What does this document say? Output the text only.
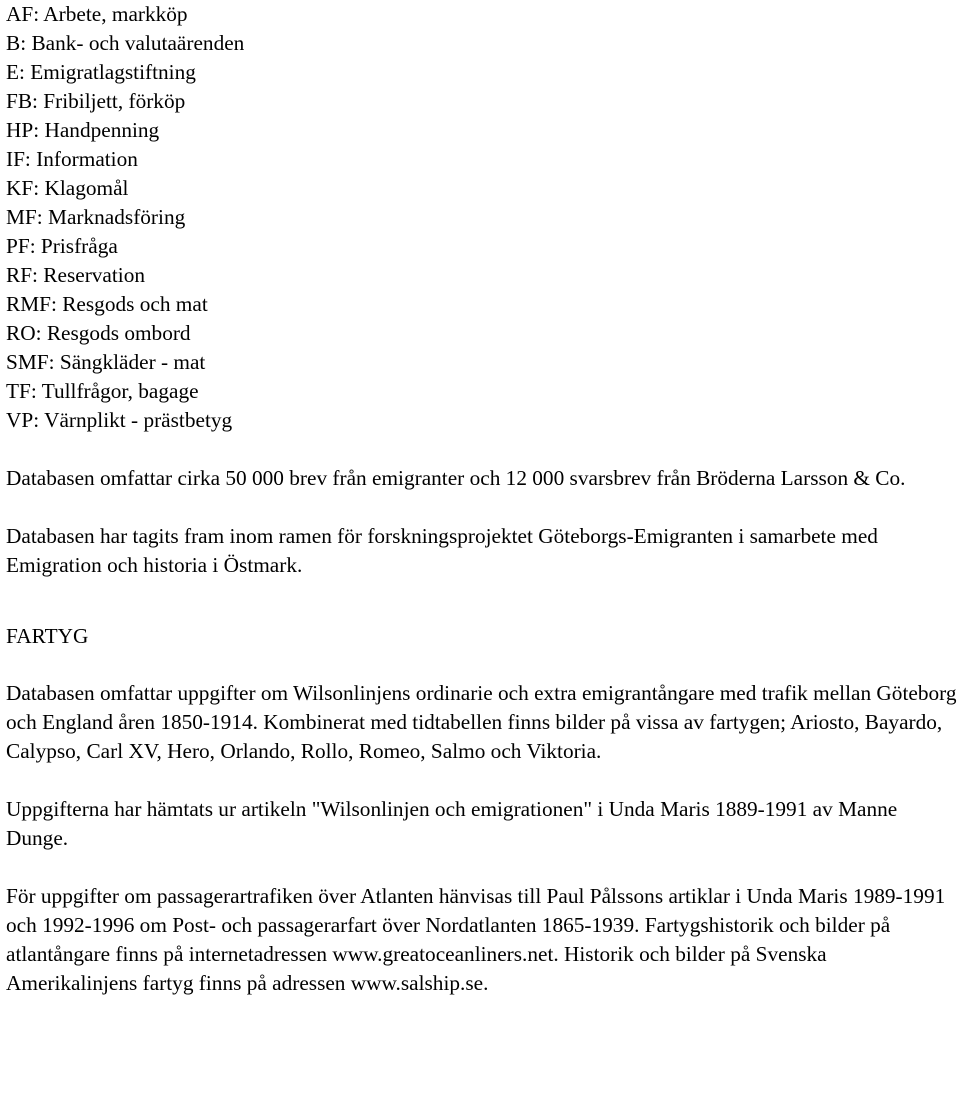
AF: Arbete, markköp
B: Bank- och valutaärenden
E: Emigratlagstiftning
FB: Fribiljett, förköp
HP: Handpenning
IF: Information
KF: Klagomål
MF: Marknadsföring
PF: Prisfråga
RF: Reservation
RMF: Resgods och mat
RO: Resgods ombord
SMF: Sängkläder - mat
TF: Tullfrågor, bagage
VP: Värnplikt - prästbetyg

Databasen omfattar cirka 50 000 brev från emigranter och 12 000 svarsbrev från Bröderna Larsson & Co.

Databasen har tagits fram inom ramen för forskningsprojektet Göteborgs-Emigranten i samarbete med Emigration och historia i Östmark.

FARTYG

Databasen omfattar uppgifter om Wilsonlinjens ordinarie och extra emigrantångare med trafik mellan Göteborg och England åren 1850-1914. Kombinerat med tidtabellen finns bilder på vissa av fartygen; Ariosto, Bayardo, Calypso, Carl XV, Hero, Orlando, Rollo, Romeo, Salmo och Viktoria.

Uppgifterna har hämtats ur artikeln "Wilsonlinjen och emigrationen" i Unda Maris 1889-1991 av Manne Dunge.

För uppgifter om passagerartrafiken över Atlanten hänvisas till Paul Pålssons artiklar i Unda Maris 1989-1991 och 1992-1996 om Post- och passagerarfart över Nordatlanten 1865-1939. Fartygshistorik och bilder på atlantångare finns på internetadressen www.greatoceanliners.net. Historik och bilder på Svenska Amerikalinjens fartyg finns på adressen www.salship.se.
